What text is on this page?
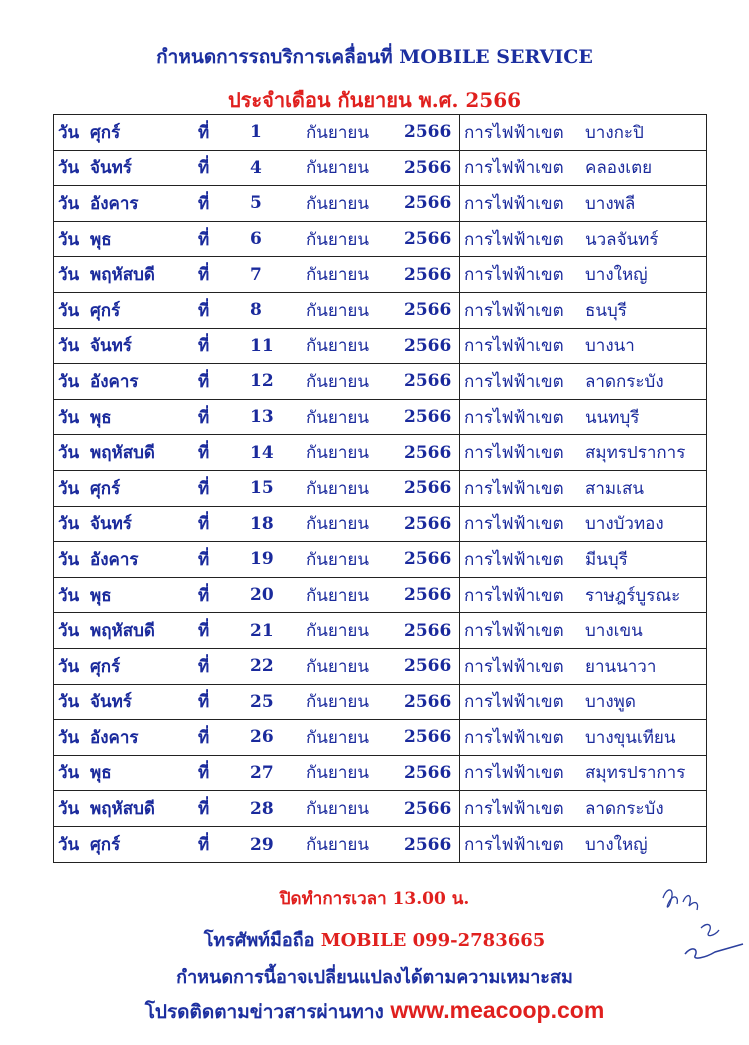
กำหนดการรถบริการเคลื่อนที่ MOBILE SERVICE
ประจำเดือน กันยายน พ.ศ. 2566
วัน ศุกร์	ที่	1	กันยายน	2566 การไฟฟ้าเขต	บางกะปิ
วัน จันทร์	ที่	4	กันยายน	2566 การไฟฟ้าเขต	คลองเตย
วัน อังคาร	ที่	5	กันยายน	2566 การไฟฟ้าเขต	บางพลี
วัน พุธ	ที่	6	กันยายน	2566 การไฟฟ้าเขต	นวลจันทร์
วัน พฤหัสบดี	ที่	7	กันยายน	2566 การไฟฟ้าเขต	บางใหญ่
วัน ศุกร์	ที่	8	กันยายน	2566 การไฟฟ้าเขต	ธนบุรี
วัน จันทร์	ที่	11	กันยายน	2566 การไฟฟ้าเขต	บางนา
วัน อังคาร	ที่	12	กันยายน	2566 การไฟฟ้าเขต	ลาดกระบัง
วัน พุธ	ที่	13	กันยายน	2566 การไฟฟ้าเขต	นนทบุรี
วัน พฤหัสบดี	ที่	14	กันยายน	2566 การไฟฟ้าเขต	สมุทรปราการ
วัน ศุกร์	ที่	15	กันยายน	2566 การไฟฟ้าเขต	สามเสน
วัน จันทร์	ที่	18	กันยายน	2566 การไฟฟ้าเขต	บางบัวทอง
วัน อังคาร	ที่	19	กันยายน	2566 การไฟฟ้าเขต	มีนบุรี
วัน พุธ	ที่	20	กันยายน	2566 การไฟฟ้าเขต	ราษฎร์บูรณะ
วัน พฤหัสบดี	ที่	21	กันยายน	2566 การไฟฟ้าเขต	บางเขน
วัน ศุกร์	ที่	22	กันยายน	2566 การไฟฟ้าเขต	ยานนาวา
วัน จันทร์	ที่	25	กันยายน	2566 การไฟฟ้าเขต	บางพูด
วัน อังคาร	ที่	26	กันยายน	2566 การไฟฟ้าเขต	บางขุนเทียน
วัน พุธ	ที่	27	กันยายน	2566 การไฟฟ้าเขต	สมุทรปราการ
วัน พฤหัสบดี	ที่	28	กันยายน	2566 การไฟฟ้าเขต	ลาดกระบัง
วัน ศุกร์	ที่	29	กันยายน	2566 การไฟฟ้าเขต	บางใหญ่
ปิดทำการเวลา 13.00 น.
โทรศัพท์มือถือ MOBILE 099-2783665
กำหนดการนี้อาจเปลี่ยนแปลงได้ตามความเหมาะสม
โปรดติดตามข่าวสารผ่านทาง www.meacoop.com
